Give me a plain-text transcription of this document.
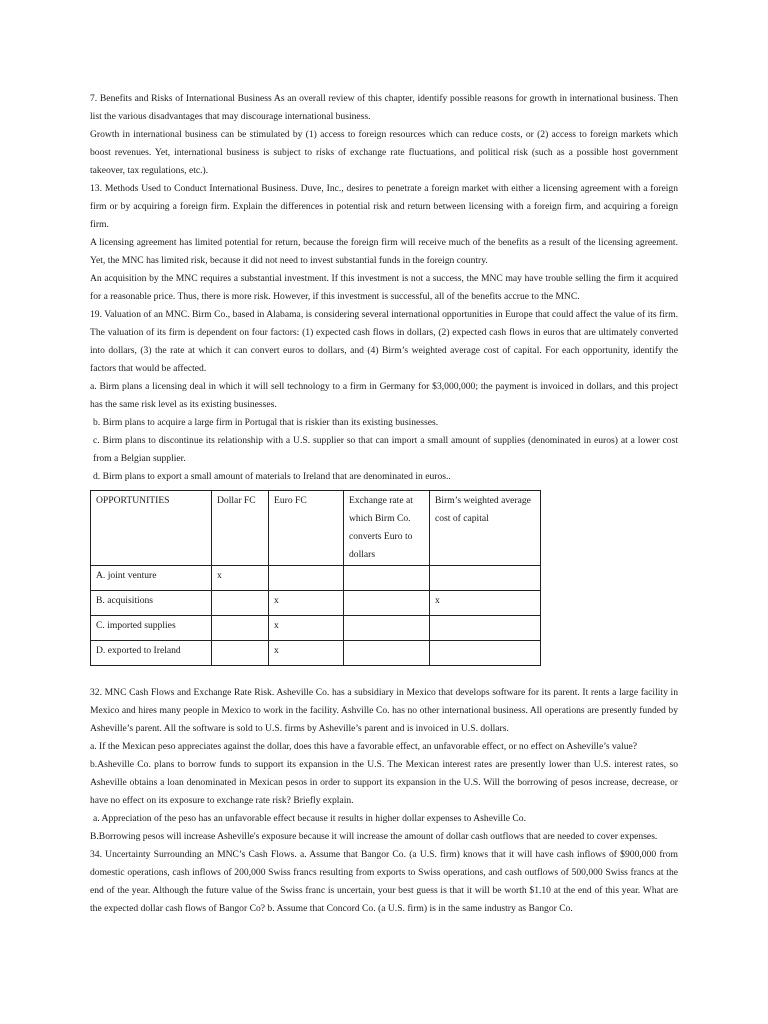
7. Benefits and Risks of International Business As an overall review of this chapter, identify possible reasons for growth in international business. Then list the various disadvantages that may discourage international business.

Growth in international business can be stimulated by (1) access to foreign resources which can reduce costs, or (2) access to foreign markets which boost revenues. Yet, international business is subject to risks of exchange rate fluctuations, and political risk (such as a possible host government takeover, tax regulations, etc.).

13. Methods Used to Conduct International Business. Duve, Inc., desires to penetrate a foreign market with either a licensing agreement with a foreign firm or by acquiring a foreign firm. Explain the differences in potential risk and return between licensing with a foreign firm, and acquiring a foreign firm.

A licensing agreement has limited potential for return, because the foreign firm will receive much of the benefits as a result of the licensing agreement. Yet, the MNC has limited risk, because it did not need to invest substantial funds in the foreign country.

An acquisition by the MNC requires a substantial investment. If this investment is not a success, the MNC may have trouble selling the firm it acquired for a reasonable price. Thus, there is more risk. However, if this investment is successful, all of the benefits accrue to the MNC.

19. Valuation of an MNC. Birm Co., based in Alabama, is considering several international opportunities in Europe that could affect the value of its firm. The valuation of its firm is dependent on four factors: (1) expected cash flows in dollars, (2) expected cash flows in euros that are ultimately converted into dollars, (3) the rate at which it can convert euros to dollars, and (4) Birm’s weighted average cost of capital. For each opportunity, identify the factors that would be affected.

a. Birm plans a licensing deal in which it will sell technology to a firm in Germany for $3,000,000; the payment is invoiced in dollars, and this project has the same risk level as its existing businesses.

b. Birm plans to acquire a large firm in Portugal that is riskier than its existing businesses.

c. Birm plans to discontinue its relationship with a U.S. supplier so that can import a small amount of supplies (denominated in euros) at a lower cost from a Belgian supplier.

d. Birm plans to export a small amount of materials to Ireland that are denominated in euros..

OPPORTUNITIES	Dollar FC	Euro FC	Exchange rate at which Birm Co. converts Euro to dollars	Birm’s weighted average cost of capital
A. joint venture	x			
B. acquisitions		x		x
C. imported supplies		x		
D. exported to Ireland		x		

32. MNC Cash Flows and Exchange Rate Risk. Asheville Co. has a subsidiary in Mexico that develops software for its parent. It rents a large facility in Mexico and hires many people in Mexico to work in the facility. Ashville Co. has no other international business. All operations are presently funded by Asheville’s parent. All the software is sold to U.S. firms by Asheville’s parent and is invoiced in U.S. dollars.

a. If the Mexican peso appreciates against the dollar, does this have a favorable effect, an unfavorable effect, or no effect on Asheville’s value?

b.Asheville Co. plans to borrow funds to support its expansion in the U.S. The Mexican interest rates are presently lower than U.S. interest rates, so Asheville obtains a loan denominated in Mexican pesos in order to support its expansion in the U.S. Will the borrowing of pesos increase, decrease, or have no effect on its exposure to exchange rate risk? Briefly explain.

a. Appreciation of the peso has an unfavorable effect because it results in higher dollar expenses to Asheville Co.

B.Borrowing pesos will increase Asheville's exposure because it will increase the amount of dollar cash outflows that are needed to cover expenses.

34. Uncertainty Surrounding an MNC’s Cash Flows. a. Assume that Bangor Co. (a U.S. firm) knows that it will have cash inflows of $900,000 from domestic operations, cash inflows of 200,000 Swiss francs resulting from exports to Swiss operations, and cash outflows of 500,000 Swiss francs at the end of the year. Although the future value of the Swiss franc is uncertain, your best guess is that it will be worth $1.10 at the end of this year. What are the expected dollar cash flows of Bangor Co? b. Assume that Concord Co. (a U.S. firm) is in the same industry as Bangor Co.
